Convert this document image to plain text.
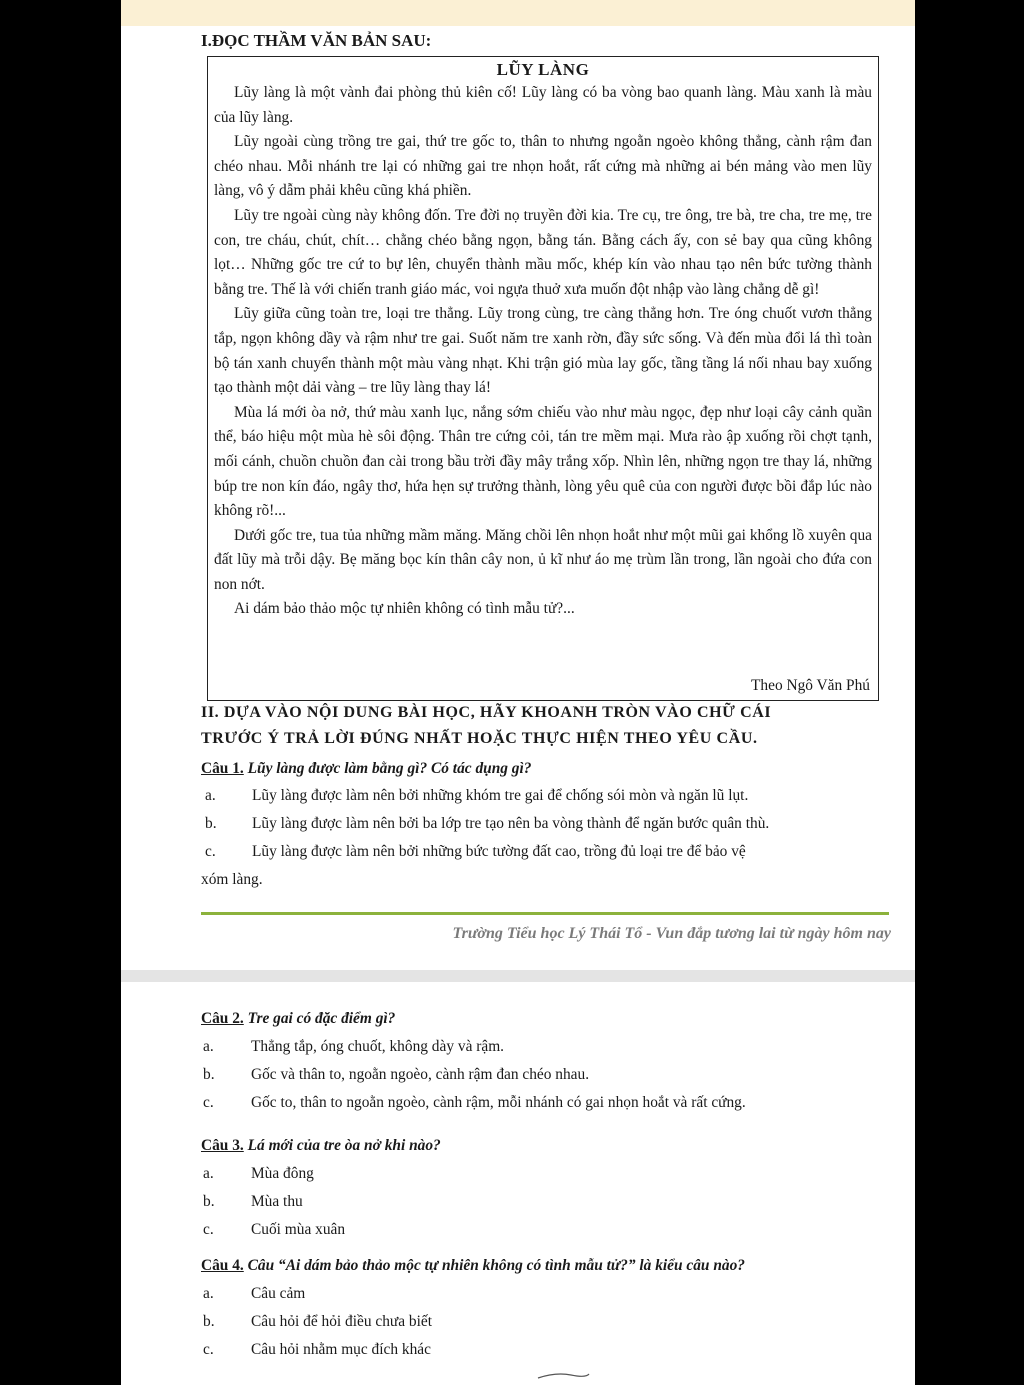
I.ĐỌC THẦM VĂN BẢN SAU:
LŨY LÀNG

Lũy làng là một vành đai phòng thủ kiên cố! Lũy làng có ba vòng bao quanh làng. Màu xanh là màu của lũy làng.

Lũy ngoài cùng trồng tre gai, thứ tre gốc to, thân to nhưng ngoằn ngoèo không thẳng, cành rậm đan chéo nhau. Mỗi nhánh tre lại có những gai tre nhọn hoắt, rất cứng mà những ai bén mảng vào men lũy làng, vô ý dẫm phải khêu cũng khá phiền.

Lũy tre ngoài cùng này không đốn. Tre đời nọ truyền đời kia. Tre cụ, tre ông, tre bà, tre cha, tre mẹ, tre con, tre cháu, chút, chít… chằng chéo bằng ngọn, bằng tán. Bằng cách ấy, con sẻ bay qua cũng không lọt… Những gốc tre cứ to bự lên, chuyển thành mầu mốc, khép kín vào nhau tạo nên bức tường thành bằng tre. Thế là với chiến tranh giáo mác, voi ngựa thuở xưa muốn đột nhập vào làng chẳng dễ gì!

Lũy giữa cũng toàn tre, loại tre thẳng. Lũy trong cùng, tre càng thẳng hơn. Tre óng chuốt vươn thẳng tắp, ngọn không dầy và rậm như tre gai. Suốt năm tre xanh rờn, đầy sức sống. Và đến mùa đổi lá thì toàn bộ tán xanh chuyển thành một màu vàng nhạt. Khi trận gió mùa lay gốc, tầng tầng lá nối nhau bay xuống tạo thành một dải vàng – tre lũy làng thay lá!

Mùa lá mới òa nở, thứ màu xanh lục, nắng sớm chiếu vào như màu ngọc, đẹp như loại cây cảnh quần thể, báo hiệu một mùa hè sôi động. Thân tre cứng cỏi, tán tre mềm mại. Mưa rào ập xuống rồi chợt tạnh, mối cánh, chuồn chuồn đan cài trong bầu trời đầy mây trắng xốp. Nhìn lên, những ngọn tre thay lá, những búp tre non kín đáo, ngây thơ, hứa hẹn sự trưởng thành, lòng yêu quê của con người được bồi đắp lúc nào không rõ!...

Dưới gốc tre, tua tủa những mầm măng. Măng chồi lên nhọn hoắt như một mũi gai khổng lồ xuyên qua đất lũy mà trỗi dậy. Bẹ măng bọc kín thân cây non, ủ kĩ như áo mẹ trùm lần trong, lần ngoài cho đứa con non nớt.

Ai dám bảo thảo mộc tự nhiên không có tình mẫu tử?...

Theo Ngô Văn Phú
II. DỰA VÀO NỘI DUNG BÀI HỌC, HÃY KHOANH TRÒN VÀO CHỮ CÁI
TRƯỚC Ý TRẢ LỜI ĐÚNG NHẤT HOẶC THỰC HIỆN THEO YÊU CẦU.
Câu 1. Lũy làng được làm bằng gì? Có tác dụng gì?
a. Lũy làng được làm nên bởi những khóm tre gai để chống sói mòn và ngăn lũ lụt.
b. Lũy làng được làm nên bởi ba lớp tre tạo nên ba vòng thành để ngăn bước quân thù.
c. Lũy làng được làm nên bởi những bức tường đất cao, trồng đủ loại tre để bảo vệ
xóm làng.
Trường Tiểu học Lý Thái Tổ - Vun đắp tương lai từ ngày hôm nay
Câu 2. Tre gai có đặc điểm gì?
a. Thẳng tắp, óng chuốt, không dày và rậm.
b. Gốc và thân to, ngoằn ngoèo, cành rậm đan chéo nhau.
c. Gốc to, thân to ngoằn ngoèo, cành rậm, mỗi nhánh có gai nhọn hoắt và rất cứng.
Câu 3. Lá mới của tre òa nở khi nào?
a. Mùa đông
b. Mùa thu
c. Cuối mùa xuân
Câu 4. Câu “Ai dám bảo thảo mộc tự nhiên không có tình mẫu tử?” là kiểu câu nào?
a. Câu cảm
b. Câu hỏi để hỏi điều chưa biết
c. Câu hỏi nhằm mục đích khác
